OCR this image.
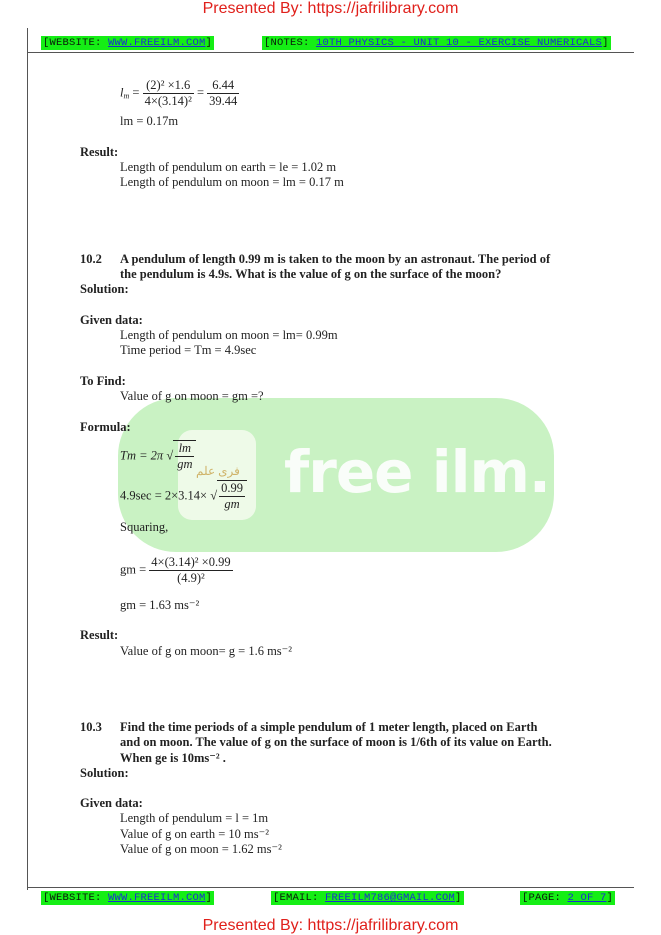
Presented By: https://jafrilibrary.com
[WEBSITE: WWW.FREEILM.COM]	[NOTES: 10TH PHYSICS - UNIT 10 - EXERCISE NUMERICALS]
$l_m = \frac{\text{(2)² ×1.6}}{\text{4×(3.14)²}} = \frac{6.44}{39.44}$
lm = 0.17m
Result:
Length of pendulum on earth = le = 1.02 m
Length of pendulum on moon = lm = 0.17 m
فری علم free ilm.
10.2 A pendulum of length 0.99 m is taken to the moon by an astronaut. The period of
the pendulum is 4.9s. What is the value of g on the surface of the moon?
Solution:
Given data:
Length of pendulum on moon = lm= 0.99m
Time period = Tm = 4.9sec
To Find:
Value of g on moon = gm =?
Formula:
Tm = 2π √ $\frac{lm}{gm}$
4.9sec = 2×3.14× √ $\frac{0.99}{gm}$
Squaring,
gm = $\frac{\text{4×(3.14)² ×0.99}}{\text{(4.9)²}}$
gm = 1.63 ms⁻²
Result:
Value of g on moon= g = 1.6 ms⁻²
10.3 Find the time periods of a simple pendulum of 1 meter length, placed on Earth
and on moon. The value of g on the surface of moon is 1/6th of its value on Earth.
When ge is 10ms⁻² .
Solution:
Given data:
Length of pendulum = l = 1m
Value of g on earth = 10 ms⁻²
Value of g on moon = 1.62 ms⁻²
[WEBSITE: WWW.FREEILM.COM]	[EMAIL: FREEILM786@GMAIL.COM]	[PAGE: 2 OF 7]
Presented By: https://jafrilibrary.com
